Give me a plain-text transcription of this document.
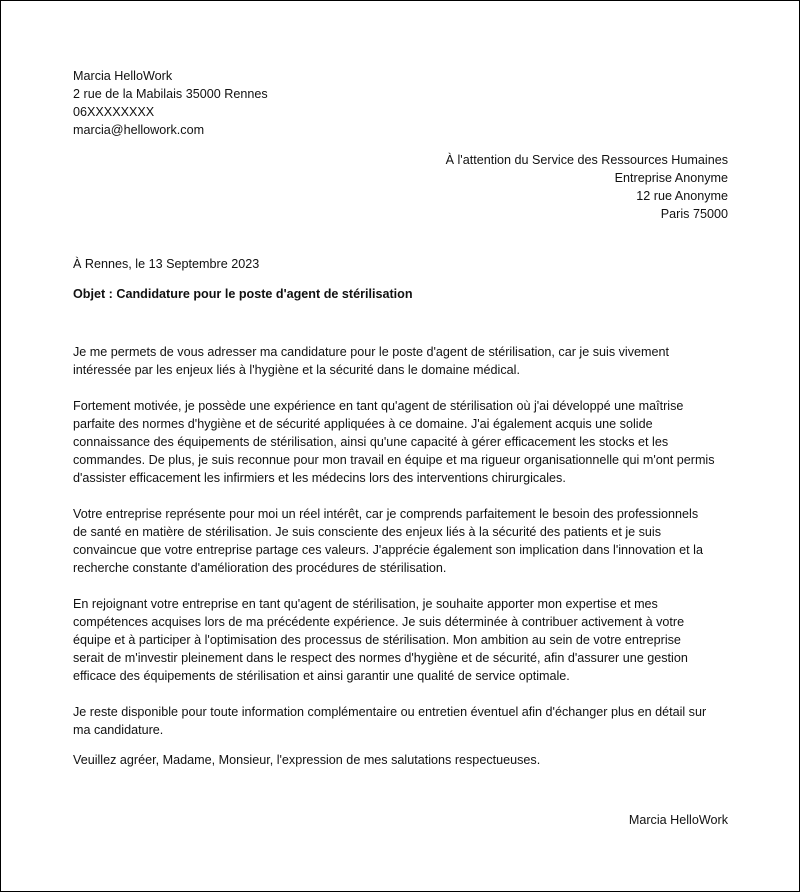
Marcia HelloWork
2 rue de la Mabilais 35000 Rennes
06XXXXXXXX
marcia@hellowork.com
À l'attention du Service des Ressources Humaines
Entreprise Anonyme
12 rue Anonyme
Paris 75000
À Rennes, le 13 Septembre 2023
Objet : Candidature pour le poste d'agent de stérilisation

Je me permets de vous adresser ma candidature pour le poste d'agent de stérilisation, car je suis vivement
intéressée par les enjeux liés à l'hygiène et la sécurité dans le domaine médical.

Fortement motivée, je possède une expérience en tant qu'agent de stérilisation où j'ai développé une maîtrise
parfaite des normes d'hygiène et de sécurité appliquées à ce domaine. J'ai également acquis une solide
connaissance des équipements de stérilisation, ainsi qu'une capacité à gérer efficacement les stocks et les
commandes. De plus, je suis reconnue pour mon travail en équipe et ma rigueur organisationnelle qui m'ont permis
d'assister efficacement les infirmiers et les médecins lors des interventions chirurgicales.

Votre entreprise représente pour moi un réel intérêt, car je comprends parfaitement le besoin des professionnels
de santé en matière de stérilisation. Je suis consciente des enjeux liés à la sécurité des patients et je suis
convaincue que votre entreprise partage ces valeurs. J'apprécie également son implication dans l'innovation et la
recherche constante d'amélioration des procédures de stérilisation.

En rejoignant votre entreprise en tant qu'agent de stérilisation, je souhaite apporter mon expertise et mes
compétences acquises lors de ma précédente expérience. Je suis déterminée à contribuer activement à votre
équipe et à participer à l'optimisation des processus de stérilisation. Mon ambition au sein de votre entreprise
serait de m'investir pleinement dans le respect des normes d'hygiène et de sécurité, afin d'assurer une gestion
efficace des équipements de stérilisation et ainsi garantir une qualité de service optimale.

Je reste disponible pour toute information complémentaire ou entretien éventuel afin d'échanger plus en détail sur
ma candidature.

Veuillez agréer, Madame, Monsieur, l'expression de mes salutations respectueuses.

Marcia HelloWork
